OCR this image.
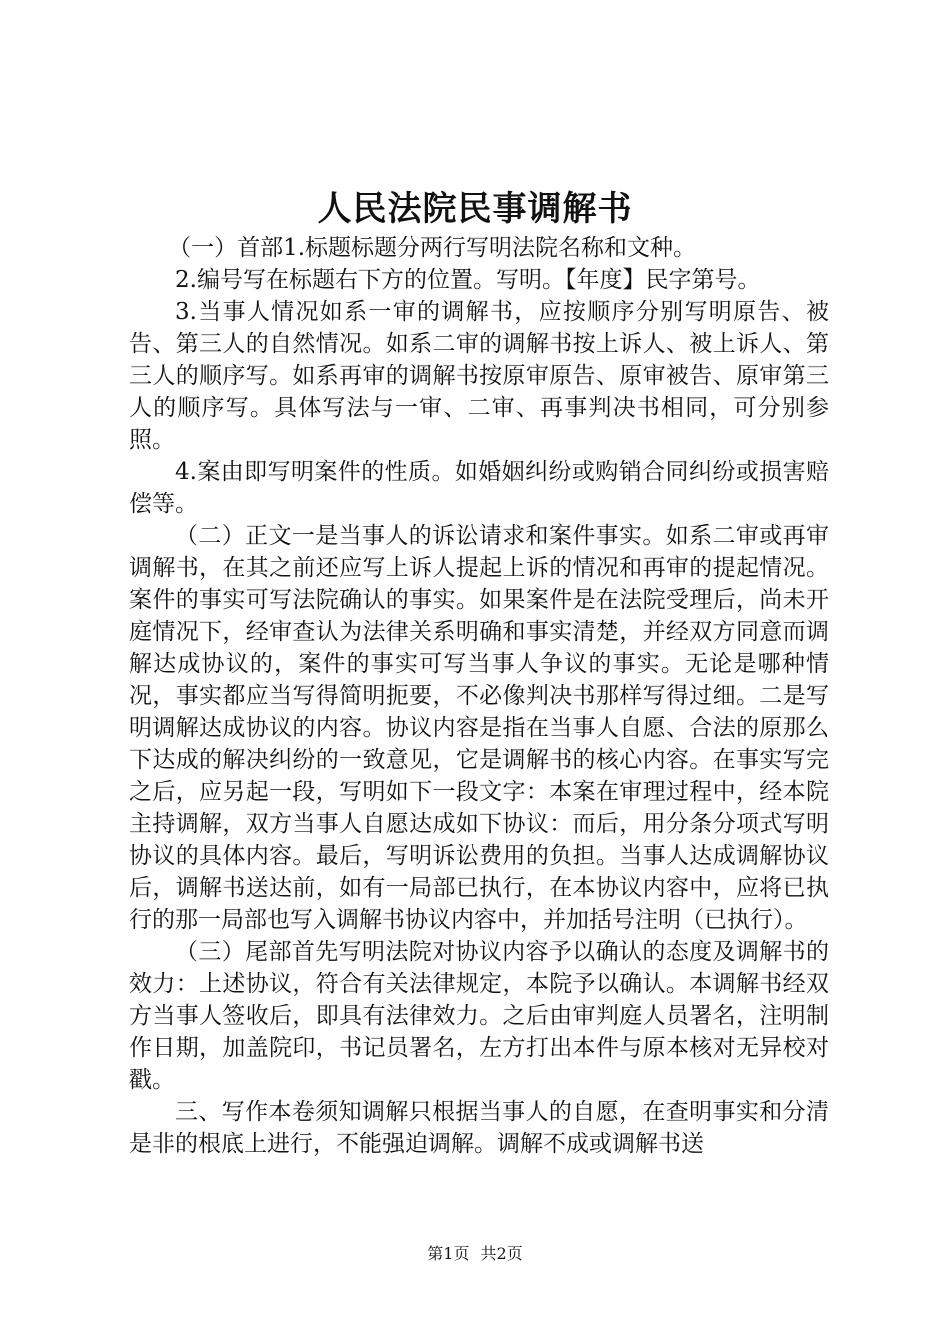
人民法院民事调解书

（一）首部1.标题标题分两行写明法院名称和文种。

2.编号写在标题右下方的位置。写明。【年度】民字第号。

3.当事人情况如系一审的调解书，应按顺序分别写明原告、被告、第三人的自然情况。如系二审的调解书按上诉人、被上诉人、第三人的顺序写。如系再审的调解书按原审原告、原审被告、原审第三人的顺序写。具体写法与一审、二审、再事判决书相同，可分别参照。

4.案由即写明案件的性质。如婚姻纠纷或购销合同纠纷或损害赔偿等。

（二）正文一是当事人的诉讼请求和案件事实。如系二审或再审调解书，在其之前还应写上诉人提起上诉的情况和再审的提起情况。案件的事实可写法院确认的事实。如果案件是在法院受理后，尚未开庭情况下，经审查认为法律关系明确和事实清楚，并经双方同意而调解达成协议的，案件的事实可写当事人争议的事实。无论是哪种情况，事实都应当写得简明扼要，不必像判决书那样写得过细。二是写明调解达成协议的内容。协议内容是指在当事人自愿、合法的原那么下达成的解决纠纷的一致意见，它是调解书的核心内容。在事实写完之后，应另起一段，写明如下一段文字：本案在审理过程中，经本院主持调解，双方当事人自愿达成如下协议：而后，用分条分项式写明协议的具体内容。最后，写明诉讼费用的负担。当事人达成调解协议后，调解书送达前，如有一局部已执行，在本协议内容中，应将已执行的那一局部也写入调解书协议内容中，并加括号注明（已执行）。

（三）尾部首先写明法院对协议内容予以确认的态度及调解书的效力：上述协议，符合有关法律规定，本院予以确认。本调解书经双方当事人签收后，即具有法律效力。之后由审判庭人员署名，注明制作日期，加盖院印，书记员署名，左方打出本件与原本核对无异校对戳。

三、写作本卷须知调解只根据当事人的自愿，在查明事实和分清是非的根底上进行，不能强迫调解。调解不成或调解书送

第1页 共2页
